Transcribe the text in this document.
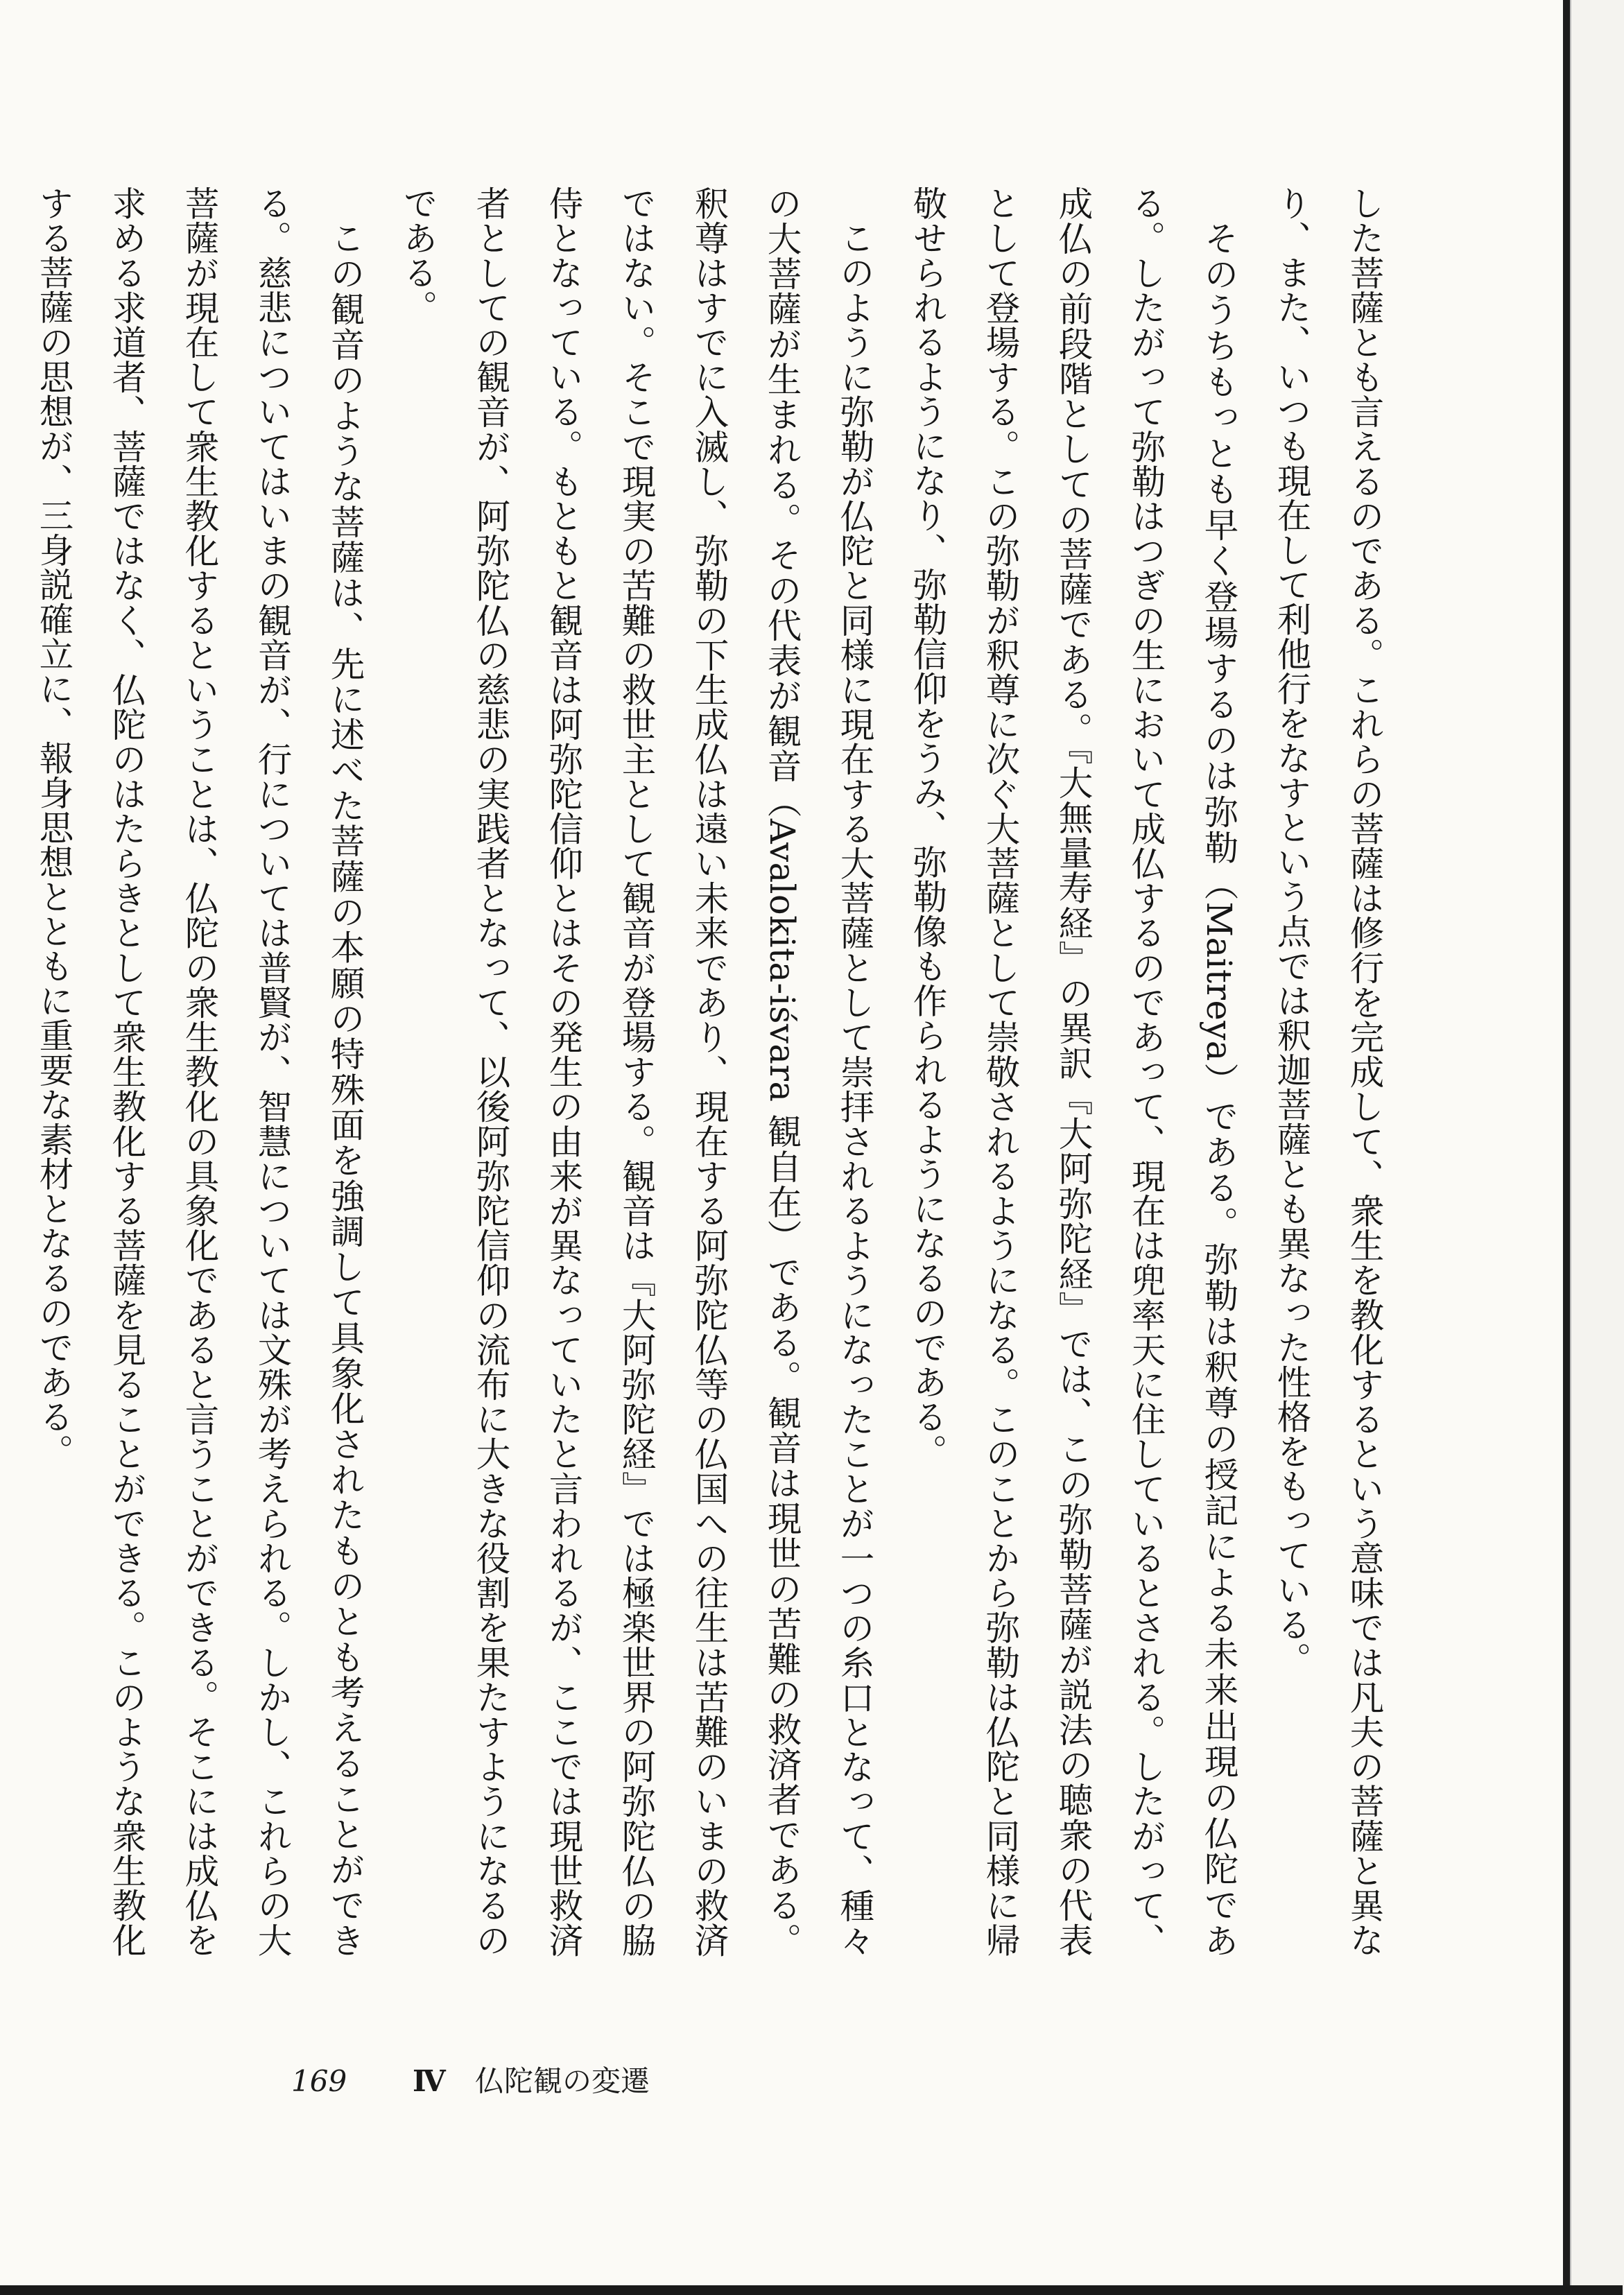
した菩薩とも言えるのである。これらの菩薩は修行を完成して、衆生を教化するという意味では凡夫の菩薩と異なり、また、いつも現在して利他行をなすという点では釈迦菩薩とも異なった性格をもっている。

そのうちもっとも早く登場するのは弥勒（Maitreya）である。弥勒は釈尊の授記による未来出現の仏陀である。したがって弥勒はつぎの生において成仏するのであって、現在は兜率天に住しているとされる。したがって、成仏の前段階としての菩薩である。『大無量寿経』の異訳『大阿弥陀経』では、この弥勒菩薩が説法の聴衆の代表として登場する。この弥勒が釈尊に次ぐ大菩薩として崇敬されるようになる。このことから弥勒は仏陀と同様に帰敬せられるようになり、弥勒信仰をうみ、弥勒像も作られるようになるのである。

このように弥勒が仏陀と同様に現在する大菩薩として崇拝されるようになったことが一つの糸口となって、種々の大菩薩が生まれる。その代表が観音（Avalokita-iśvara 観自在）である。観音は現世の苦難の救済者である。釈尊はすでに入滅し、弥勒の下生成仏は遠い未来であり、現在する阿弥陀仏等の仏国への往生は苦難のいまの救済ではない。そこで現実の苦難の救世主として観音が登場する。観音は『大阿弥陀経』では極楽世界の阿弥陀仏の脇侍となっている。もともと観音は阿弥陀信仰とはその発生の由来が異なっていたと言われるが、ここでは現世救済者としての観音が、阿弥陀仏の慈悲の実践者となって、以後阿弥陀信仰の流布に大きな役割を果たすようになるのである。

この観音のような菩薩は、先に述べた菩薩の本願の特殊面を強調して具象化されたものとも考えることができる。慈悲についてはいまの観音が、行については普賢が、智慧については文殊が考えられる。しかし、これらの大菩薩が現在して衆生教化するということは、仏陀の衆生教化の具象化であると言うことができる。そこには成仏を求める求道者、菩薩ではなく、仏陀のはたらきとして衆生教化する菩薩を見ることができる。このような衆生教化する菩薩の思想が、三身説確立に、報身思想とともに重要な素材となるのである。

169	Ⅳ 仏陀観の変遷
